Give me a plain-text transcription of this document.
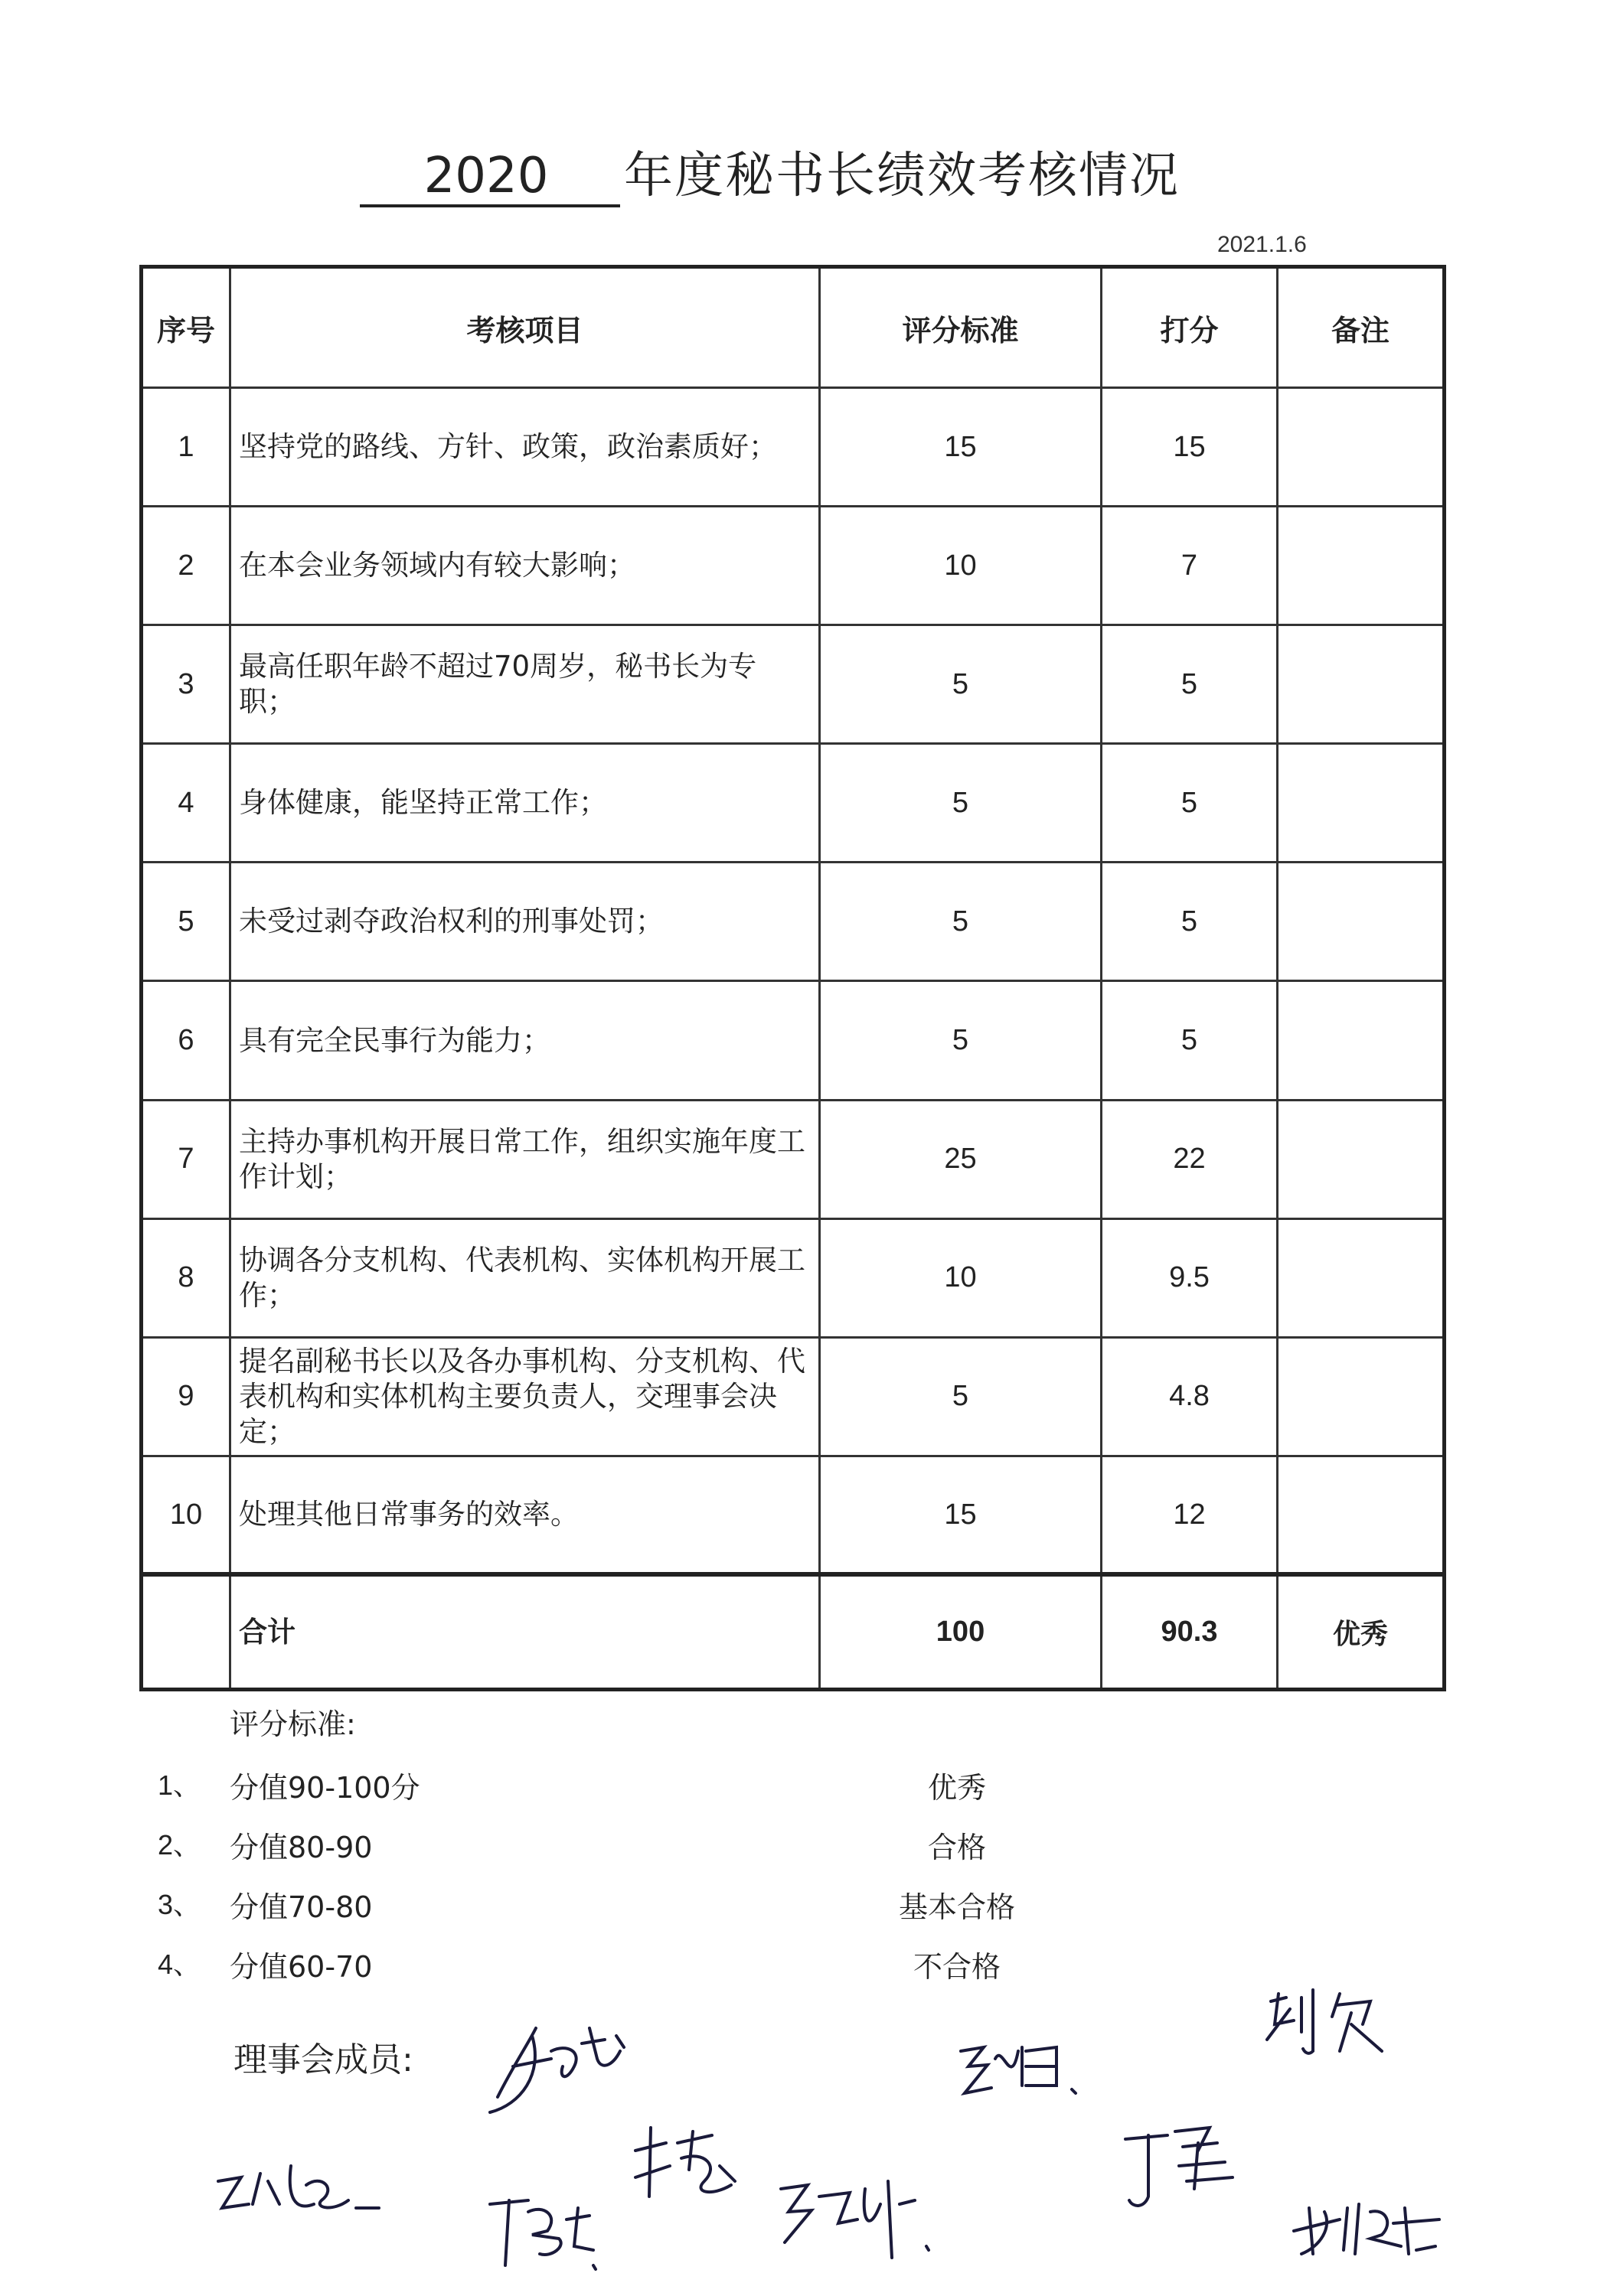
2020	年度秘书长绩效考核情况
2021.1.6
序号	考核项目	评分标准	打分	备注
1	坚持党的路线、方针、政策，政治素质好；	15	15	
2	在本会业务领域内有较大影响；	10	7	
3	最高任职年龄不超过70周岁，秘书长为专职；	5	5	
4	身体健康，能坚持正常工作；	5	5	
5	未受过剥夺政治权利的刑事处罚；	5	5	
6	具有完全民事行为能力；	5	5	
7	主持办事机构开展日常工作，组织实施年度工作计划；	25	22	
8	协调各分支机构、代表机构、实体机构开展工作；	10	9.5	
9	提名副秘书长以及各办事机构、分支机构、代表机构和实体机构主要负责人，交理事会决定；	5	4.8	
10	处理其他日常事务的效率。	15	12	
	合计	100	90.3	优秀
评分标准:
1、 分值90-100分	优秀
2、 分值80-90	合格
3、 分值70-80	基本合格
4、 分值60-70	不合格
理事会成员:
